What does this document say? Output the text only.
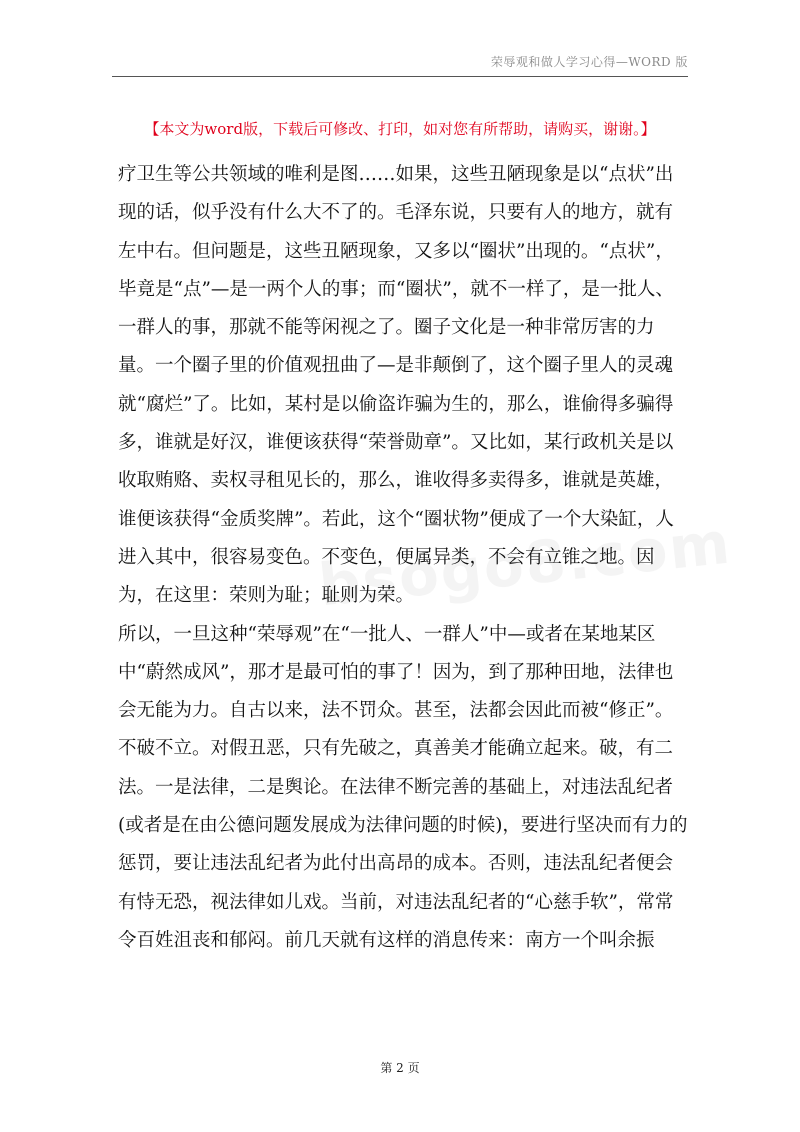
荣辱观和做人学习心得—WORD 版
【本文为word版，下载后可修改、打印，如对您有所帮助，请购买，谢谢。】

疗卫生等公共领域的唯利是图……如果，这些丑陋现象是以“点状”出现的话，似乎没有什么大不了的。毛泽东说，只要有人的地方，就有左中右。但问题是，这些丑陋现象，又多以“圈状”出现的。“点状”，毕竟是“点”—是一两个人的事；而“圈状”，就不一样了，是一批人、一群人的事，那就不能等闲视之了。圈子文化是一种非常厉害的力量。一个圈子里的价值观扭曲了—是非颠倒了，这个圈子里人的灵魂就“腐烂”了。比如，某村是以偷盗诈骗为生的，那么，谁偷得多骗得多，谁就是好汉，谁便该获得“荣誉勋章”。又比如，某行政机关是以收取贿赂、卖权寻租见长的，那么，谁收得多卖得多，谁就是英雄，谁便该获得“金质奖牌”。若此，这个“圈状物”便成了一个大染缸，人进入其中，很容易变色。不变色，便属异类，不会有立锥之地。因为，在这里：荣则为耻；耻则为荣。

所以，一旦这种“荣辱观”在“一批人、一群人”中—或者在某地某区中“蔚然成风”，那才是最可怕的事了！因为，到了那种田地，法律也会无能为力。自古以来，法不罚众。甚至，法都会因此而被“修正”。

不破不立。对假丑恶，只有先破之，真善美才能确立起来。破，有二法。一是法律，二是舆论。在法律不断完善的基础上，对违法乱纪者(或者是在由公德问题发展成为法律问题的时候)，要进行坚决而有力的惩罚，要让违法乱纪者为此付出高昂的成本。否则，违法乱纪者便会有恃无恐，视法律如儿戏。当前，对违法乱纪者的“心慈手软”，常常令百姓沮丧和郁闷。前几天就有这样的消息传来：南方一个叫余振

第 2 页
